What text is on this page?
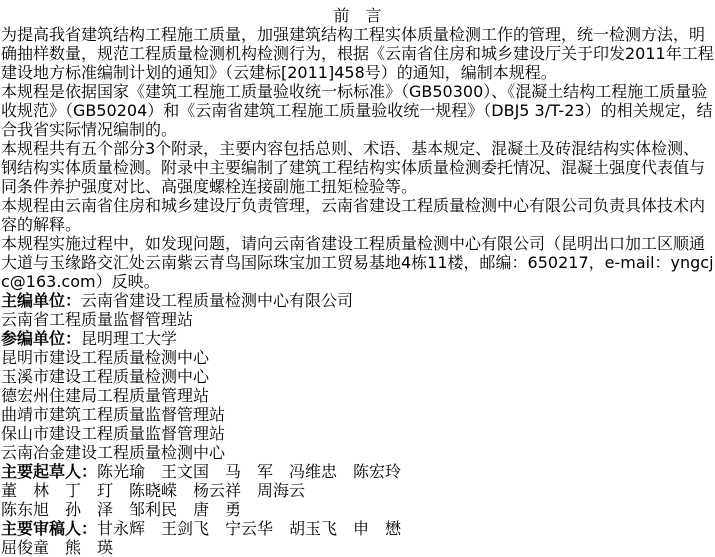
前　言

为提高我省建筑结构工程施工质量，加强建筑结构工程实体质量检测工作的管理，统一检测方法，明确抽样数量，规范工程质量检测机构检测行为，根据《云南省住房和城乡建设厅关于印发2011年工程建设地方标准编制计划的通知》（云建标[2011]458号）的通知，编制本规程。

本规程是依据国家《建筑工程施工质量验收统一标标准》（GB50300）、《混凝土结构工程施工质量验收规范》（GB50204）和《云南省建筑工程施工质量验收统一规程》（DBJ5 3/T-23）的相关规定，结合我省实际情况编制的。

本规程共有五个部分3个附录，主要内容包括总则、术语、基本规定、混凝土及砖混结构实体检测、钢结构实体质量检测。附录中主要编制了建筑工程结构实体质量检测委托情况、混凝土强度代表值与同条件养护强度对比、高强度螺栓连接副施工扭矩检验等。

本规程由云南省住房和城乡建设厅负责管理，云南省建设工程质量检测中心有限公司负责具体技术内容的解释。

本规程实施过程中，如发现问题，请向云南省建设工程质量检测中心有限公司（昆明出口加工区顺通大道与玉缘路交汇处云南紫云青鸟国际珠宝加工贸易基地4栋11楼，邮编：650217，e-mail：yngcjc@163.com）反映。

主编单位：云南省建设工程质量检测中心有限公司

云南省工程质量监督管理站

参编单位：昆明理工大学

昆明市建设工程质量检测中心

玉溪市建设工程质量检测中心

德宏州住建局工程质量管理站

曲靖市建筑工程质量监督管理站

保山市建设工程质量监督管理站

云南冶金建设工程质量检测中心

主要起草人：陈光瑜　王文国　马　军　冯维忠　陈宏玲

董　林　丁　玎　陈晓嵘　杨云祥　周海云

陈东旭　孙　泽　邹利民　唐　勇

主要审稿人：甘永辉　王剑飞　宁云华　胡玉飞　申　懋

屈俊童　熊　瑛
